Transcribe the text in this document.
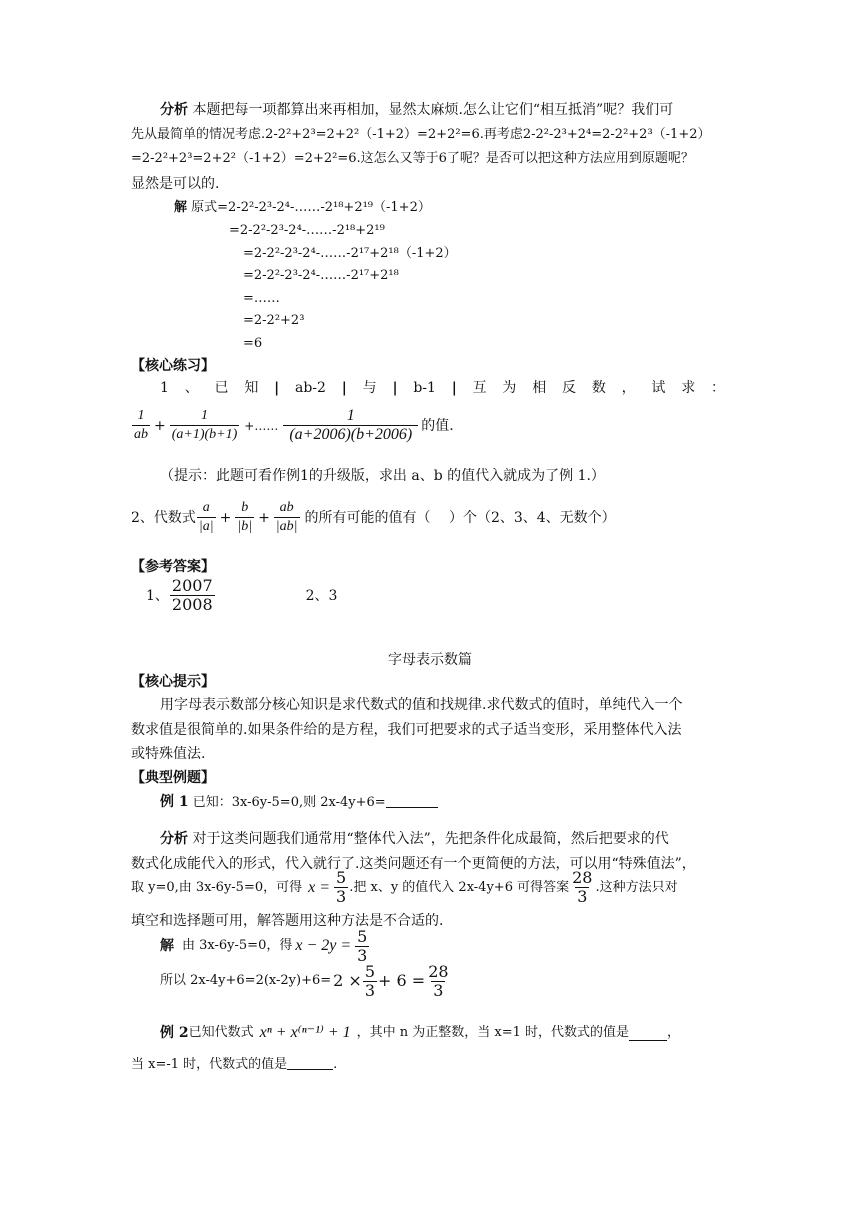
分析 本题把每一项都算出来再相加，显然太麻烦.怎么让它们“相互抵消”呢？我们可
先从最简单的情况考虑.2-2²+2³=2+2²（-1+2）=2+2²=6.再考虑2-2²-2³+2⁴=2-2²+2³（-1+2）
=2-2²+2³=2+2²（-1+2）=2+2²=6.这怎么又等于6了呢？是否可以把这种方法应用到原题呢？
显然是可以的.
解 原式=2-2²-2³-2⁴-……-2¹⁸+2¹⁹（-1+2）
=2-2²-2³-2⁴-……-2¹⁸+2¹⁹
=2-2²-2³-2⁴-……-2¹⁷+2¹⁸（-1+2）
=2-2²-2³-2⁴-……-2¹⁷+2¹⁸
=……
=2-2²+2³
=6
【核心练习】
1 、 已 知 | ab-2 | 与 | b-1 | 互 为 相 反 数 ， 试 求 ：
$\frac{1}{ab} + \frac{1}{(a+1)(b+1)}$ +…… $\frac{1}{(a+2006)(b+2006)}$ 的值.
（提示：此题可看作例1的升级版，求出 a、b 的值代入就成为了例 1.）
2、代数式 $\frac{a}{|a|} + \frac{b}{|b|} + \frac{ab}{|ab|}$ 的所有可能的值有（　 ）个（2、3、4、无数个）
【参考答案】
1、 $\frac{2007}{2008}$	2、3
字母表示数篇
【核心提示】
用字母表示数部分核心知识是求代数式的值和找规律.求代数式的值时，单纯代入一个
数求值是很简单的.如果条件给的是方程，我们可把要求的式子适当变形，采用整体代入法
或特殊值法.
【典型例题】
例 1 已知：3x-6y-5=0,则 2x-4y+6=
分析 对于这类问题我们通常用“整体代入法”，先把条件化成最简，然后把要求的代
数式化成能代入的形式，代入就行了.这类问题还有一个更简便的方法，可以用“特殊值法”，
取 y=0,由 3x-6y-5=0，可得 $x = \frac{5}{3}$ .把 x、y 的值代入 2x-4y+6 可得答案 $\frac{28}{3}$ .这种方法只对
填空和选择题可用，解答题用这种方法是不合适的.
解 由 3x-6y-5=0，得 $x - 2y = \frac{5}{3}$
所以 $2x-4y+6=2(x-2y)+6= 2 \times \frac{5}{3} + 6 = \frac{28}{3}$
例 2 已知代数式 xⁿ + x⁽ⁿ⁻¹⁾ + 1 ，其中 n 为正整数，当 x=1 时，代数式的值是	，
当 x=-1 时，代数式的值是	.
